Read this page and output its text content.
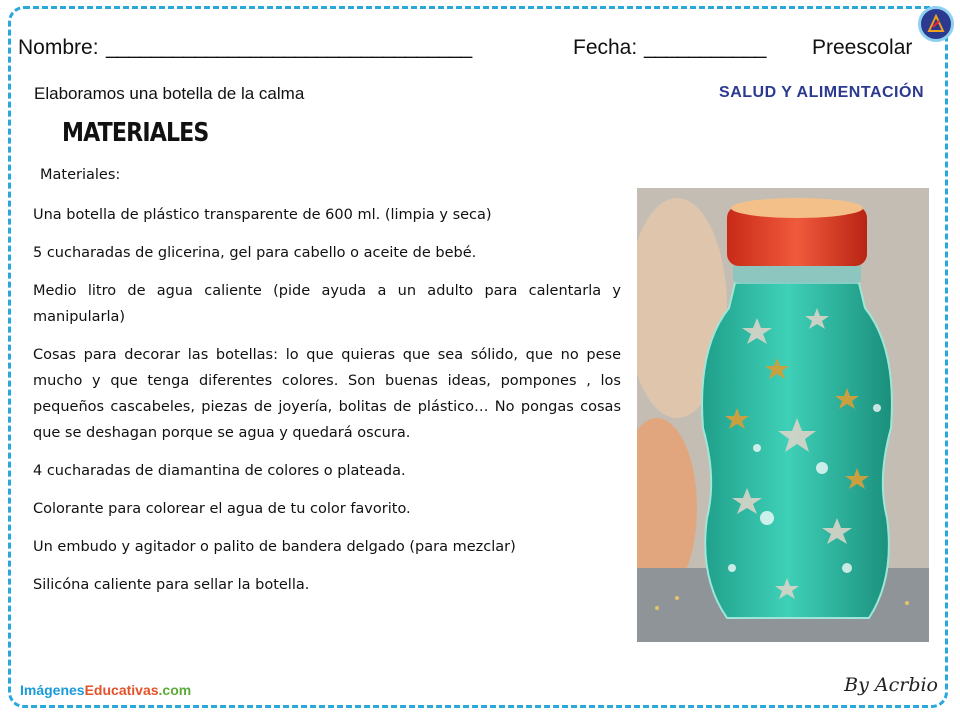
Nombre: _________________________________	Fecha: ___________ Preescolar
Elaboramos una botella de la calma	SALUD Y ALIMENTACIÓN
MATERIALES
Materiales:

Una botella de plástico transparente de 600 ml. (limpia y seca)

5 cucharadas de glicerina, gel para cabello o aceite de bebé.

Medio litro de agua caliente (pide ayuda a un adulto para calentarla y manipularla)

Cosas para decorar las botellas: lo que quieras que sea sólido, que no pese mucho y que tenga diferentes colores. Son buenas ideas, pompones , los pequeños cascabeles, piezas de joyería, bolitas de plástico… No pongas cosas que se deshagan porque se agua y quedará oscura.

4 cucharadas de diamantina de colores o plateada.

Colorante para colorear el agua de tu color favorito.

Un embudo y agitador o palito de bandera delgado (para mezclar)

Silicóna caliente para sellar la botella.

ImágenesEducativas.com	By Acrbio
